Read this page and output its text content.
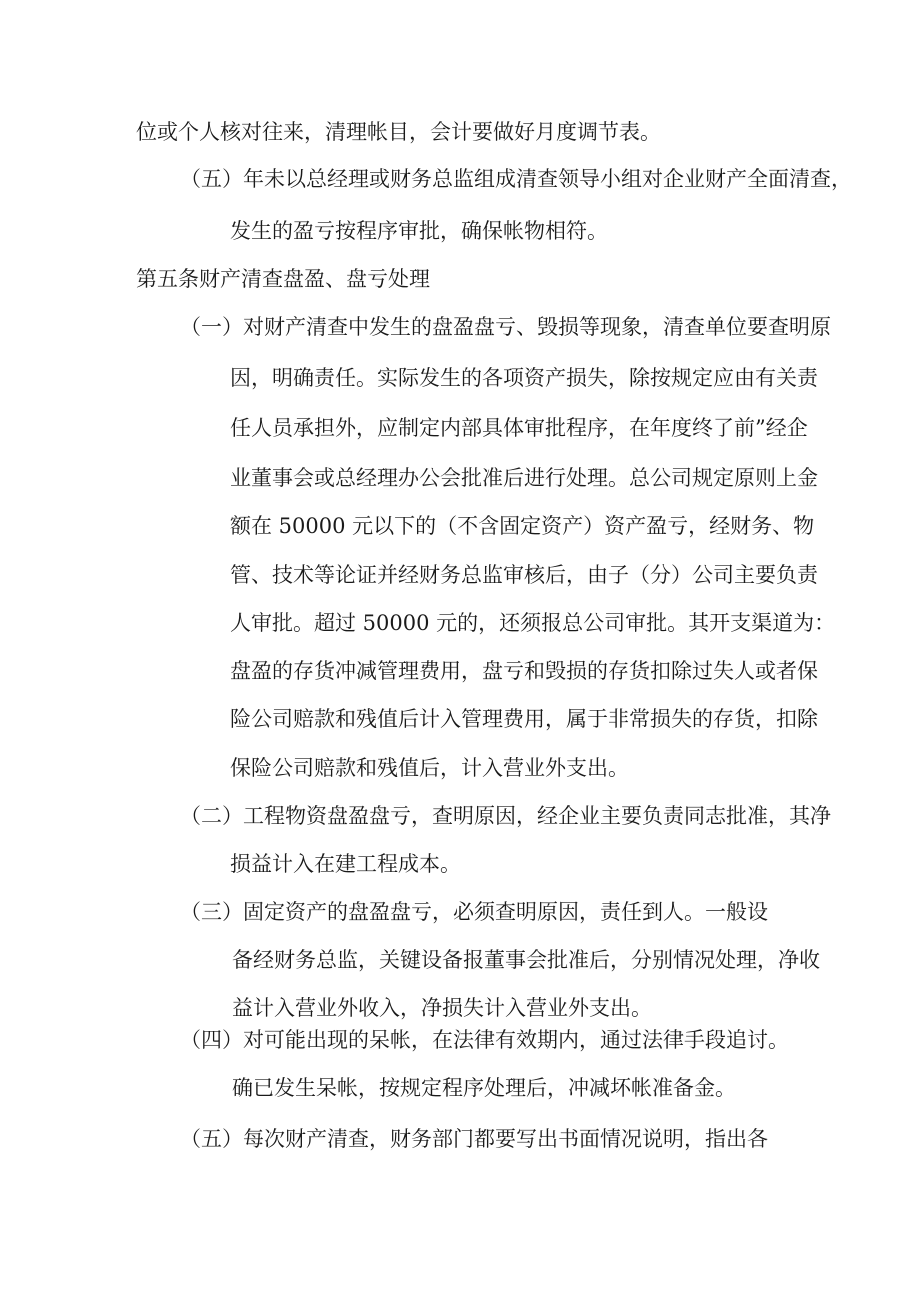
位或个人核对往来，清理帐目，会计要做好月度调节表。
（五）年未以总经理或财务总监组成清查领导小组对企业财产全面清查，
发生的盈亏按程序审批，确保帐物相符。
第五条财产清查盘盈、盘亏处理
（一）对财产清查中发生的盘盈盘亏、毁损等现象，清查单位要查明原
因，明确责任。实际发生的各项资产损失，除按规定应由有关责
任人员承担外，应制定内部具体审批程序，在年度终了前”经企
业董事会或总经理办公会批准后进行处理。总公司规定原则上金
额在 50000 元以下的（不含固定资产）资产盈亏，经财务、物
管、技术等论证并经财务总监审核后，由子（分）公司主要负责
人审批。超过 50000 元的，还须报总公司审批。其开支渠道为：
盘盈的存货冲减管理费用，盘亏和毁损的存货扣除过失人或者保
险公司赔款和残值后计入管理费用，属于非常损失的存货，扣除
保险公司赔款和残值后，计入营业外支出。
（二）工程物资盘盈盘亏，查明原因，经企业主要负责同志批准，其净
损益计入在建工程成本。
（三）固定资产的盘盈盘亏，必须查明原因，责任到人。一般设
备经财务总监，关键设备报董事会批准后，分别情况处理，净收
益计入营业外收入，净损失计入营业外支出。
（四）对可能出现的呆帐，在法律有效期内，通过法律手段追讨。
确已发生呆帐，按规定程序处理后，冲减坏帐准备金。
（五）每次财产清查，财务部门都要写出书面情况说明，指出各
